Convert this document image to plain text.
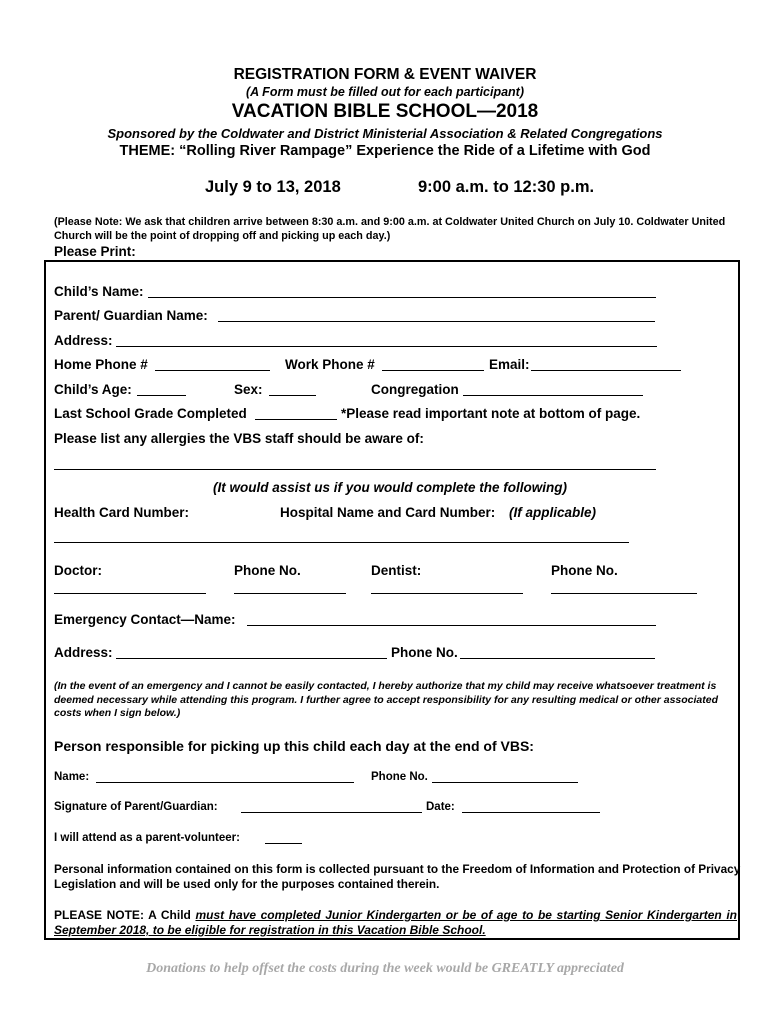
REGISTRATION FORM & EVENT WAIVER
(A Form must be filled out for each participant)
VACATION BIBLE SCHOOL—2018
Sponsored by the Coldwater and District Ministerial Association & Related Congregations
THEME: “Rolling River Rampage” Experience the Ride of a Lifetime with God
July 9 to 13, 2018	9:00 a.m. to 12:30 p.m.
(Please Note: We ask that children arrive between 8:30 a.m. and 9:00 a.m. at Coldwater United Church on July 10. Coldwater United Church will be the point of dropping off and picking up each day.)
Please Print:
Child’s Name:
Parent/ Guardian Name:
Address:
Home Phone #	Work Phone #	Email:
Child’s Age:	Sex:	Congregation
Last School Grade Completed	*Please read important note at bottom of page.
Please list any allergies the VBS staff should be aware of:
(It would assist us if you would complete the following)
Health Card Number:	Hospital Name and Card Number: (If applicable)
Doctor:	Phone No.	Dentist:	Phone No.
Emergency Contact—Name:
Address:	Phone No.
(In the event of an emergency and I cannot be easily contacted, I hereby authorize that my child may receive whatsoever treatment is deemed necessary while attending this program. I further agree to accept responsibility for any resulting medical or other associated costs when I sign below.)
Person responsible for picking up this child each day at the end of VBS:
Name:	Phone No.
Signature of Parent/Guardian:	Date:
I will attend as a parent-volunteer:
Personal information contained on this form is collected pursuant to the Freedom of Information and Protection of Privacy Legislation and will be used only for the purposes contained therein.
PLEASE NOTE: A Child must have completed Junior Kindergarten or be of age to be starting Senior Kindergarten in September 2018, to be eligible for registration in this Vacation Bible School.
Donations to help offset the costs during the week would be GREATLY appreciated
